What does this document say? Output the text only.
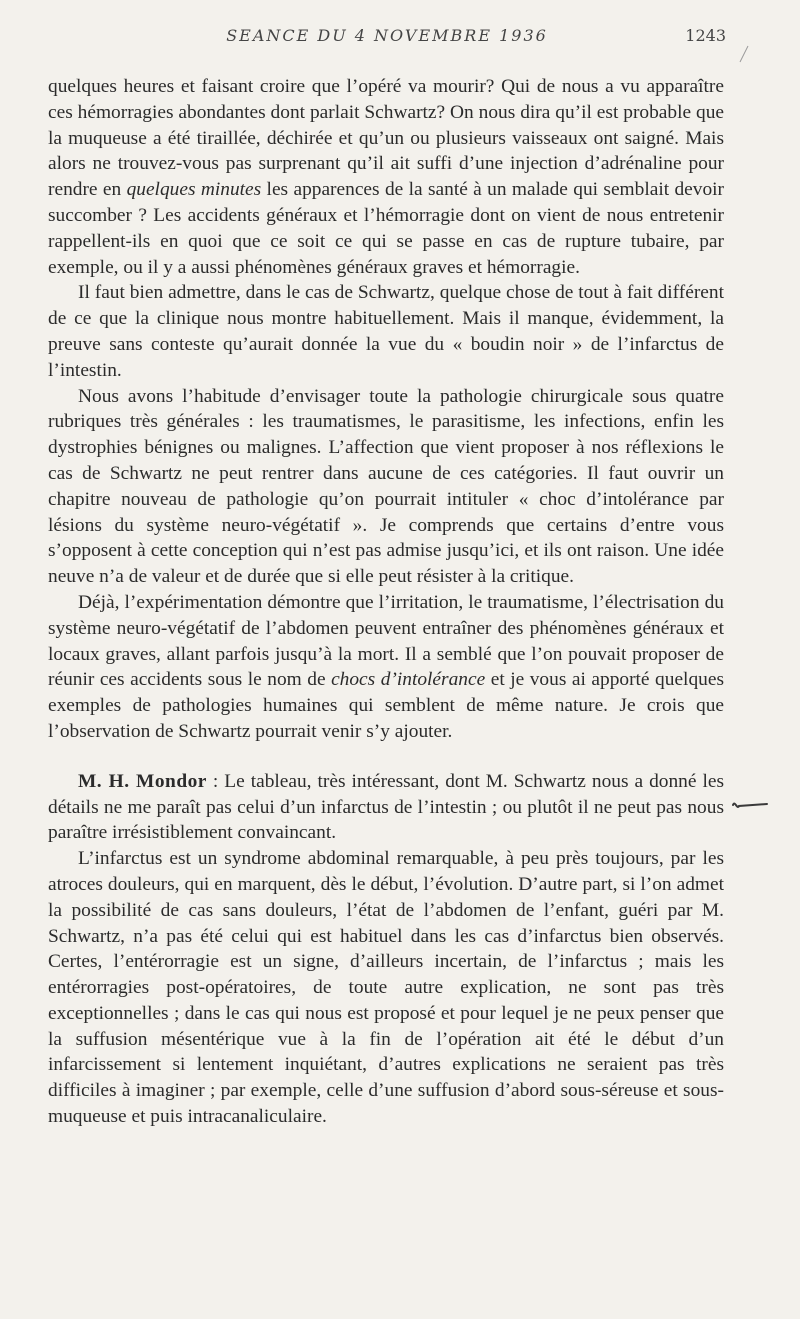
SEANCE DU 4 NOVEMBRE 1936	1243

quelques heures et faisant croire que l’opéré va mourir? Qui de nous a vu apparaître ces hémorragies abondantes dont parlait Schwartz? On nous dira qu’il est probable que la muqueuse a été tiraillée, déchirée et qu’un ou plusieurs vaisseaux ont saigné. Mais alors ne trouvez-vous pas surprenant qu’il ait suffi d’une injection d’adrénaline pour rendre en quelques minutes les apparences de la santé à un malade qui semblait devoir succomber ? Les accidents généraux et l’hémorragie dont on vient de nous entretenir rappellent-ils en quoi que ce soit ce qui se passe en cas de rupture tubaire, par exemple, ou il y a aussi phénomènes généraux graves et hémorragie.

Il faut bien admettre, dans le cas de Schwartz, quelque chose de tout à fait différent de ce que la clinique nous montre habituellement. Mais il manque, évidemment, la preuve sans conteste qu’aurait donnée la vue du « boudin noir » de l’infarctus de l’intestin.

Nous avons l’habitude d’envisager toute la pathologie chirurgicale sous quatre rubriques très générales : les traumatismes, le parasitisme, les infections, enfin les dystrophies bénignes ou malignes. L’affection que vient proposer à nos réflexions le cas de Schwartz ne peut rentrer dans aucune de ces catégories. Il faut ouvrir un chapitre nouveau de pathologie qu’on pourrait intituler « choc d’intolérance par lésions du système neuro-végétatif ». Je comprends que certains d’entre vous s’opposent à cette conception qui n’est pas admise jusqu’ici, et ils ont raison. Une idée neuve n’a de valeur et de durée que si elle peut résister à la critique.

Déjà, l’expérimentation démontre que l’irritation, le traumatisme, l’électrisation du système neuro-végétatif de l’abdomen peuvent entraîner des phénomènes généraux et locaux graves, allant parfois jusqu’à la mort. Il a semblé que l’on pouvait proposer de réunir ces accidents sous le nom de chocs d’intolérance et je vous ai apporté quelques exemples de pathologies humaines qui semblent de même nature. Je crois que l’observation de Schwartz pourrait venir s’y ajouter.

M. H. Mondor : Le tableau, très intéressant, dont M. Schwartz nous a donné les détails ne me paraît pas celui d’un infarctus de l’intestin ; ou plutôt il ne peut pas nous paraître irrésistiblement convaincant.

L’infarctus est un syndrome abdominal remarquable, à peu près toujours, par les atroces douleurs, qui en marquent, dès le début, l’évolution. D’autre part, si l’on admet la possibilité de cas sans douleurs, l’état de l’abdomen de l’enfant, guéri par M. Schwartz, n’a pas été celui qui est habituel dans les cas d’infarctus bien observés. Certes, l’entérorragie est un signe, d’ailleurs incertain, de l’infarctus ; mais les entérorragies post-opératoires, de toute autre explication, ne sont pas très exceptionnelles ; dans le cas qui nous est proposé et pour lequel je ne peux penser que la suffusion mésentérique vue à la fin de l’opération ait été le début d’un infarcissement si lentement inquiétant, d’autres explications ne seraient pas très difficiles à imaginer ; par exemple, celle d’une suffusion d’abord sous-séreuse et sous-muqueuse et puis intracanaliculaire.
